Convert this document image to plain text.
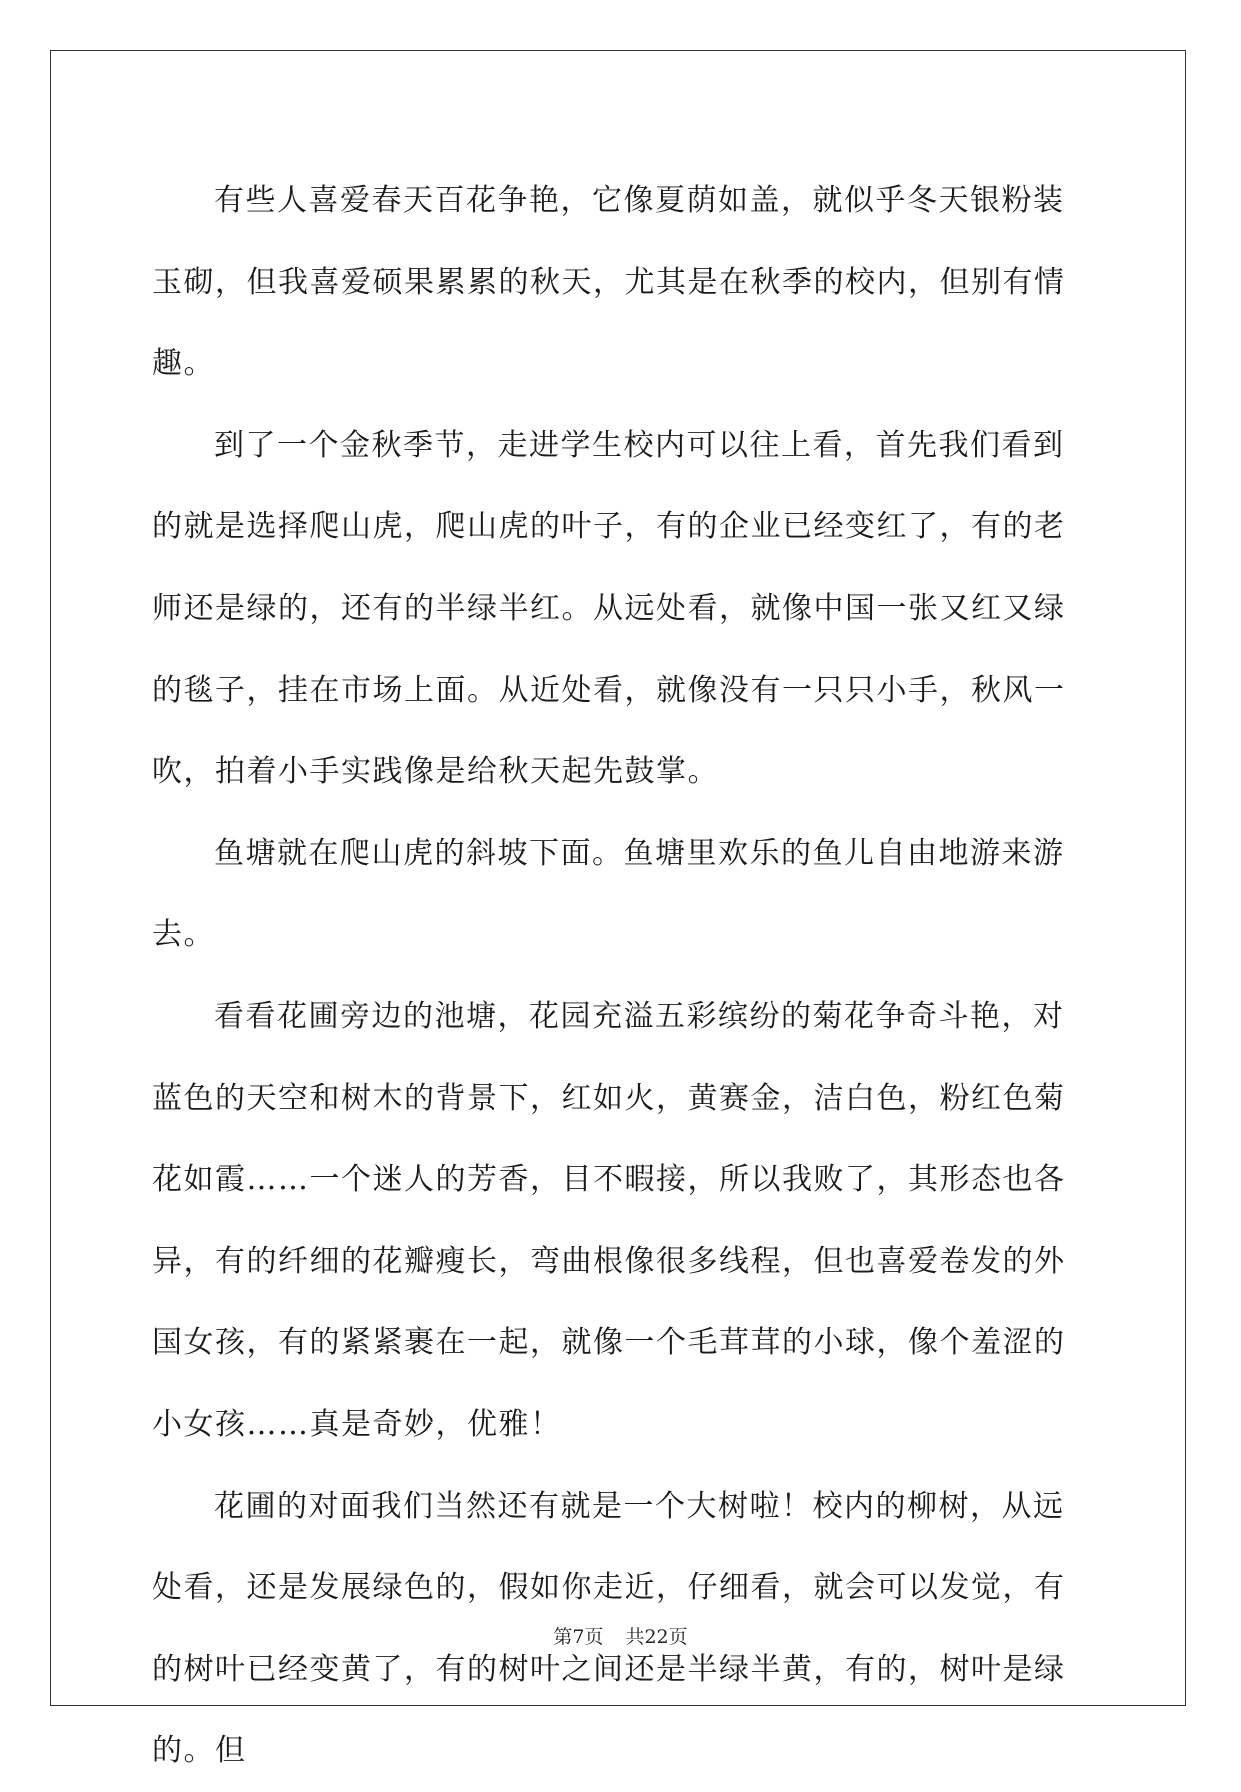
有些人喜爱春天百花争艳，它像夏荫如盖，就似乎冬天银粉装玉砌，但我喜爱硕果累累的秋天，尤其是在秋季的校内，但别有情趣。

到了一个金秋季节，走进学生校内可以往上看，首先我们看到的就是选择爬山虎，爬山虎的叶子，有的企业已经变红了，有的老师还是绿的，还有的半绿半红。从远处看，就像中国一张又红又绿的毯子，挂在市场上面。从近处看，就像没有一只只小手，秋风一吹，拍着小手实践像是给秋天起先鼓掌。

鱼塘就在爬山虎的斜坡下面。鱼塘里欢乐的鱼儿自由地游来游去。

看看花圃旁边的池塘，花园充溢五彩缤纷的菊花争奇斗艳，对蓝色的天空和树木的背景下，红如火，黄赛金，洁白色，粉红色菊花如霞……一个迷人的芳香，目不暇接，所以我败了，其形态也各异，有的纤细的花瓣瘦长，弯曲根像很多线程，但也喜爱卷发的外国女孩，有的紧紧裹在一起，就像一个毛茸茸的小球，像个羞涩的小女孩……真是奇妙，优雅！

花圃的对面我们当然还有就是一个大树啦！校内的柳树，从远处看，还是发展绿色的，假如你走近，仔细看，就会可以发觉，有的树叶已经变黄了，有的树叶之间还是半绿半黄，有的，树叶是绿的。但

第7页 共22页
